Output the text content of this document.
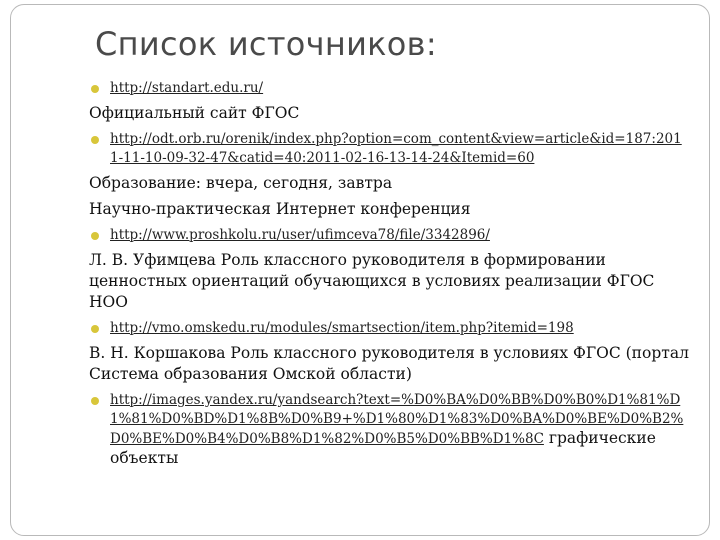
Список источников:
http://standart.edu.ru/
Официальный сайт ФГОС
http://odt.orb.ru/orenik/index.php?option=com_content&view=article&id=187:2011-11-10-09-32-47&catid=40:2011-02-16-13-14-24&Itemid=60
Образование: вчера, сегодня, завтра
Научно-практическая Интернет конференция
http://www.proshkolu.ru/user/ufimceva78/file/3342896/
Л. В. Уфимцева Роль классного руководителя в формировании ценностных ориентаций обучающихся в условиях реализации ФГОС НОО
http://vmo.omskedu.ru/modules/smartsection/item.php?itemid=198
В. Н. Коршакова Роль классного руководителя в условиях ФГОС (портал Система образования Омской области)
http://images.yandex.ru/yandsearch?text=%D0%BA%D0%BB%D0%B0%D1%81%D1%81%D0%BD%D1%8B%D0%B9+%D1%80%D1%83%D0%BA%D0%BE%D0%B2%D0%BE%D0%B4%D0%B8%D1%82%D0%B5%D0%BB%D1%8C графические объекты
